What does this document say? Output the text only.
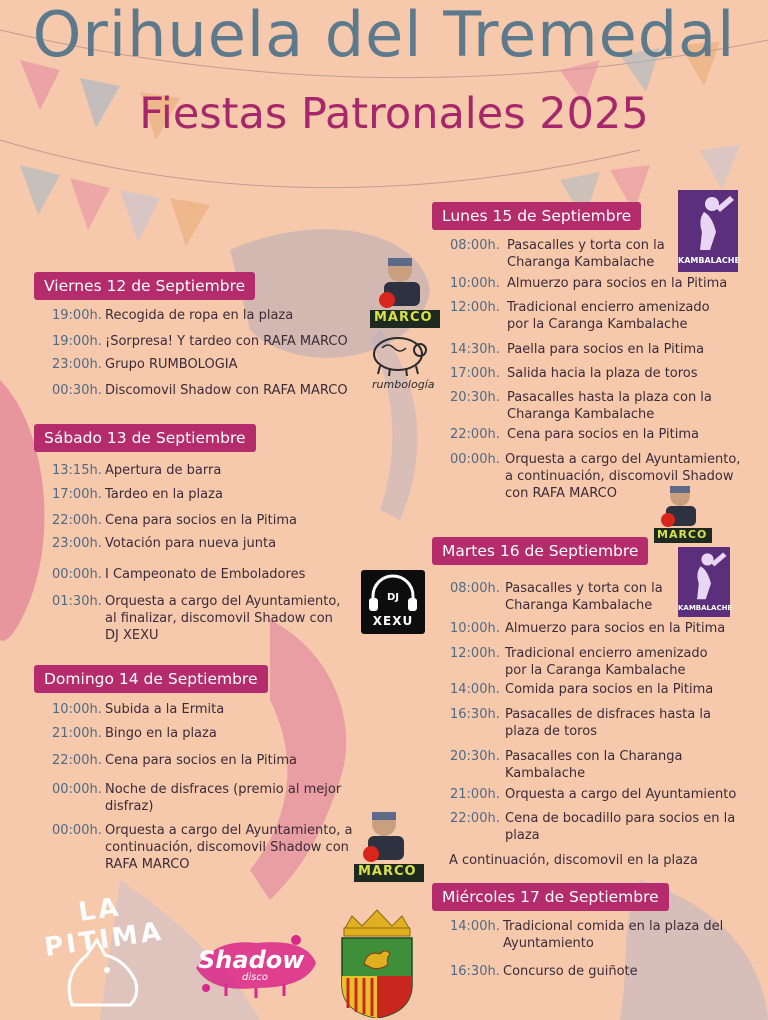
Orihuela del Tremedal
Fiestas Patronales 2025
Viernes 12 de Septiembre
19:00h. Recogida de ropa en la plaza
19:00h. ¡Sorpresa! Y tardeo con RAFA MARCO
23:00h. Grupo RUMBOLOGIA
00:30h. Discomovil Shadow con RAFA MARCO
MARCO
rumbología
Sábado 13 de Septiembre
13:15h. Apertura de barra
17:00h. Tardeo en la plaza
22:00h. Cena para socios en la Pitima
23:00h. Votación para nueva junta
00:00h. I Campeonato de Emboladores
01:30h. Orquesta a cargo del Ayuntamiento,
al finalizar, discomovil Shadow con
DJ XEXU
DJ
XEXU
Domingo 14 de Septiembre
10:00h. Subida a la Ermita
21:00h. Bingo en la plaza
22:00h. Cena para socios en la Pitima
00:00h. Noche de disfraces (premio al mejor
disfraz)
00:00h. Orquesta a cargo del Ayuntamiento, a
continuación, discomovil Shadow con
RAFA MARCO	MARCO
Lunes 15 de Septiembre
08:00h. Pasacalles y torta con la
Charanga Kambalache
10:00h. Almuerzo para socios en la Pitima
12:00h. Tradicional encierro amenizado
por la Caranga Kambalache
14:30h. Paella para socios en la Pitima
17:00h. Salida hacia la plaza de toros
20:30h. Pasacalles hasta la plaza con la
Charanga Kambalache
22:00h. Cena para socios en la Pitima
00:00h. Orquesta a cargo del Ayuntamiento,
a continuación, discomovil Shadow
con RAFA MARCO
KAMBALACHE
MARCO
Martes 16 de Septiembre
08:00h. Pasacalles y torta con la
Charanga Kambalache
10:00h. Almuerzo para socios en la Pitima
12:00h. Tradicional encierro amenizado
por la Caranga Kambalache
14:00h. Comida para socios en la Pitima
16:30h. Pasacalles de disfraces hasta la
plaza de toros
20:30h. Pasacalles con la Charanga
Kambalache
21:00h. Orquesta a cargo del Ayuntamiento
22:00h. Cena de bocadillo para socios en la
plaza
A continuación, discomovil en la plaza
KAMBALACHE
Miércoles 17 de Septiembre
14:00h. Tradicional comida en la plaza del
Ayuntamiento
16:30h. Concurso de guiñote
LA PITIMA	Shadow
disco
